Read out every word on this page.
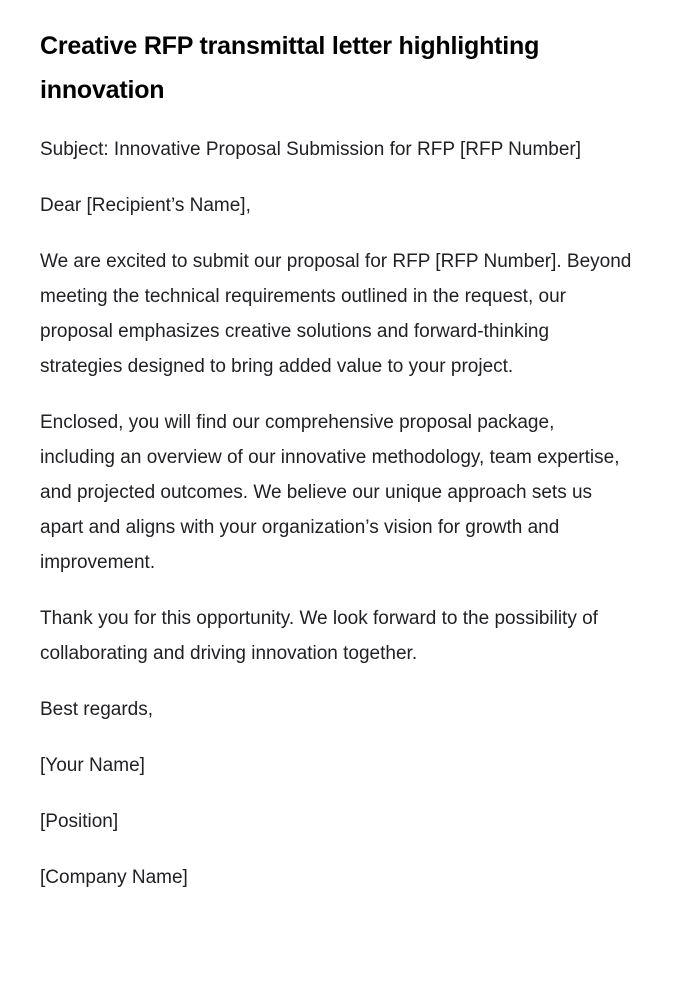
Creative RFP transmittal letter highlighting innovation

Subject: Innovative Proposal Submission for RFP [RFP Number]

Dear [Recipient’s Name],

We are excited to submit our proposal for RFP [RFP Number]. Beyond meeting the technical requirements outlined in the request, our proposal emphasizes creative solutions and forward-thinking strategies designed to bring added value to your project.

Enclosed, you will find our comprehensive proposal package, including an overview of our innovative methodology, team expertise, and projected outcomes. We believe our unique approach sets us apart and aligns with your organization’s vision for growth and improvement.

Thank you for this opportunity. We look forward to the possibility of collaborating and driving innovation together.

Best regards,

[Your Name]

[Position]

[Company Name]
